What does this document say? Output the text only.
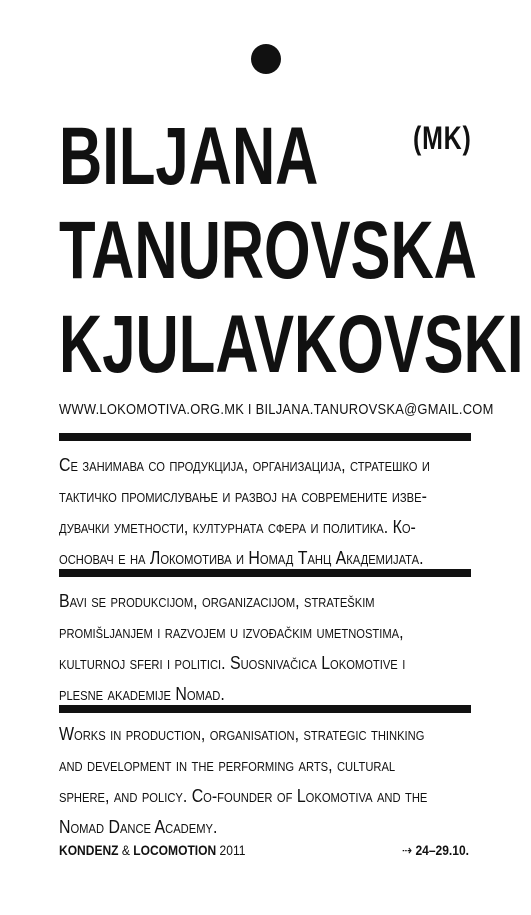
(MK)
BILJANA
TANUROVSKA
KJULAVKOVSKI
WWW.LOKOMOTIVA.ORG.MK I BILJANA.TANUROVSKA@GMAIL.COM
Се занимава со продукција, организација, стратешко и
тактичко промислување и развој на современите изве-
дувачки уметности, културната сфера и политика. Ко-
основач е на Локомотива и Номад Танц Академијата.
Bavi se produkcijom, organizacijom, strateškim
promišljanjem i razvojem u izvođačkim umetnostima,
kulturnoj sferi i politici. Suosnivačica Lokomotive i
plesne akademije Nomad.
Works in production, organisation, strategic thinking
and development in the performing arts, cultural
sphere, and policy. Co-founder of Lokomotiva and the
Nomad Dance Academy.
KONDENZ & LOCOMOTION 2011	⇢ 24–29.10.
